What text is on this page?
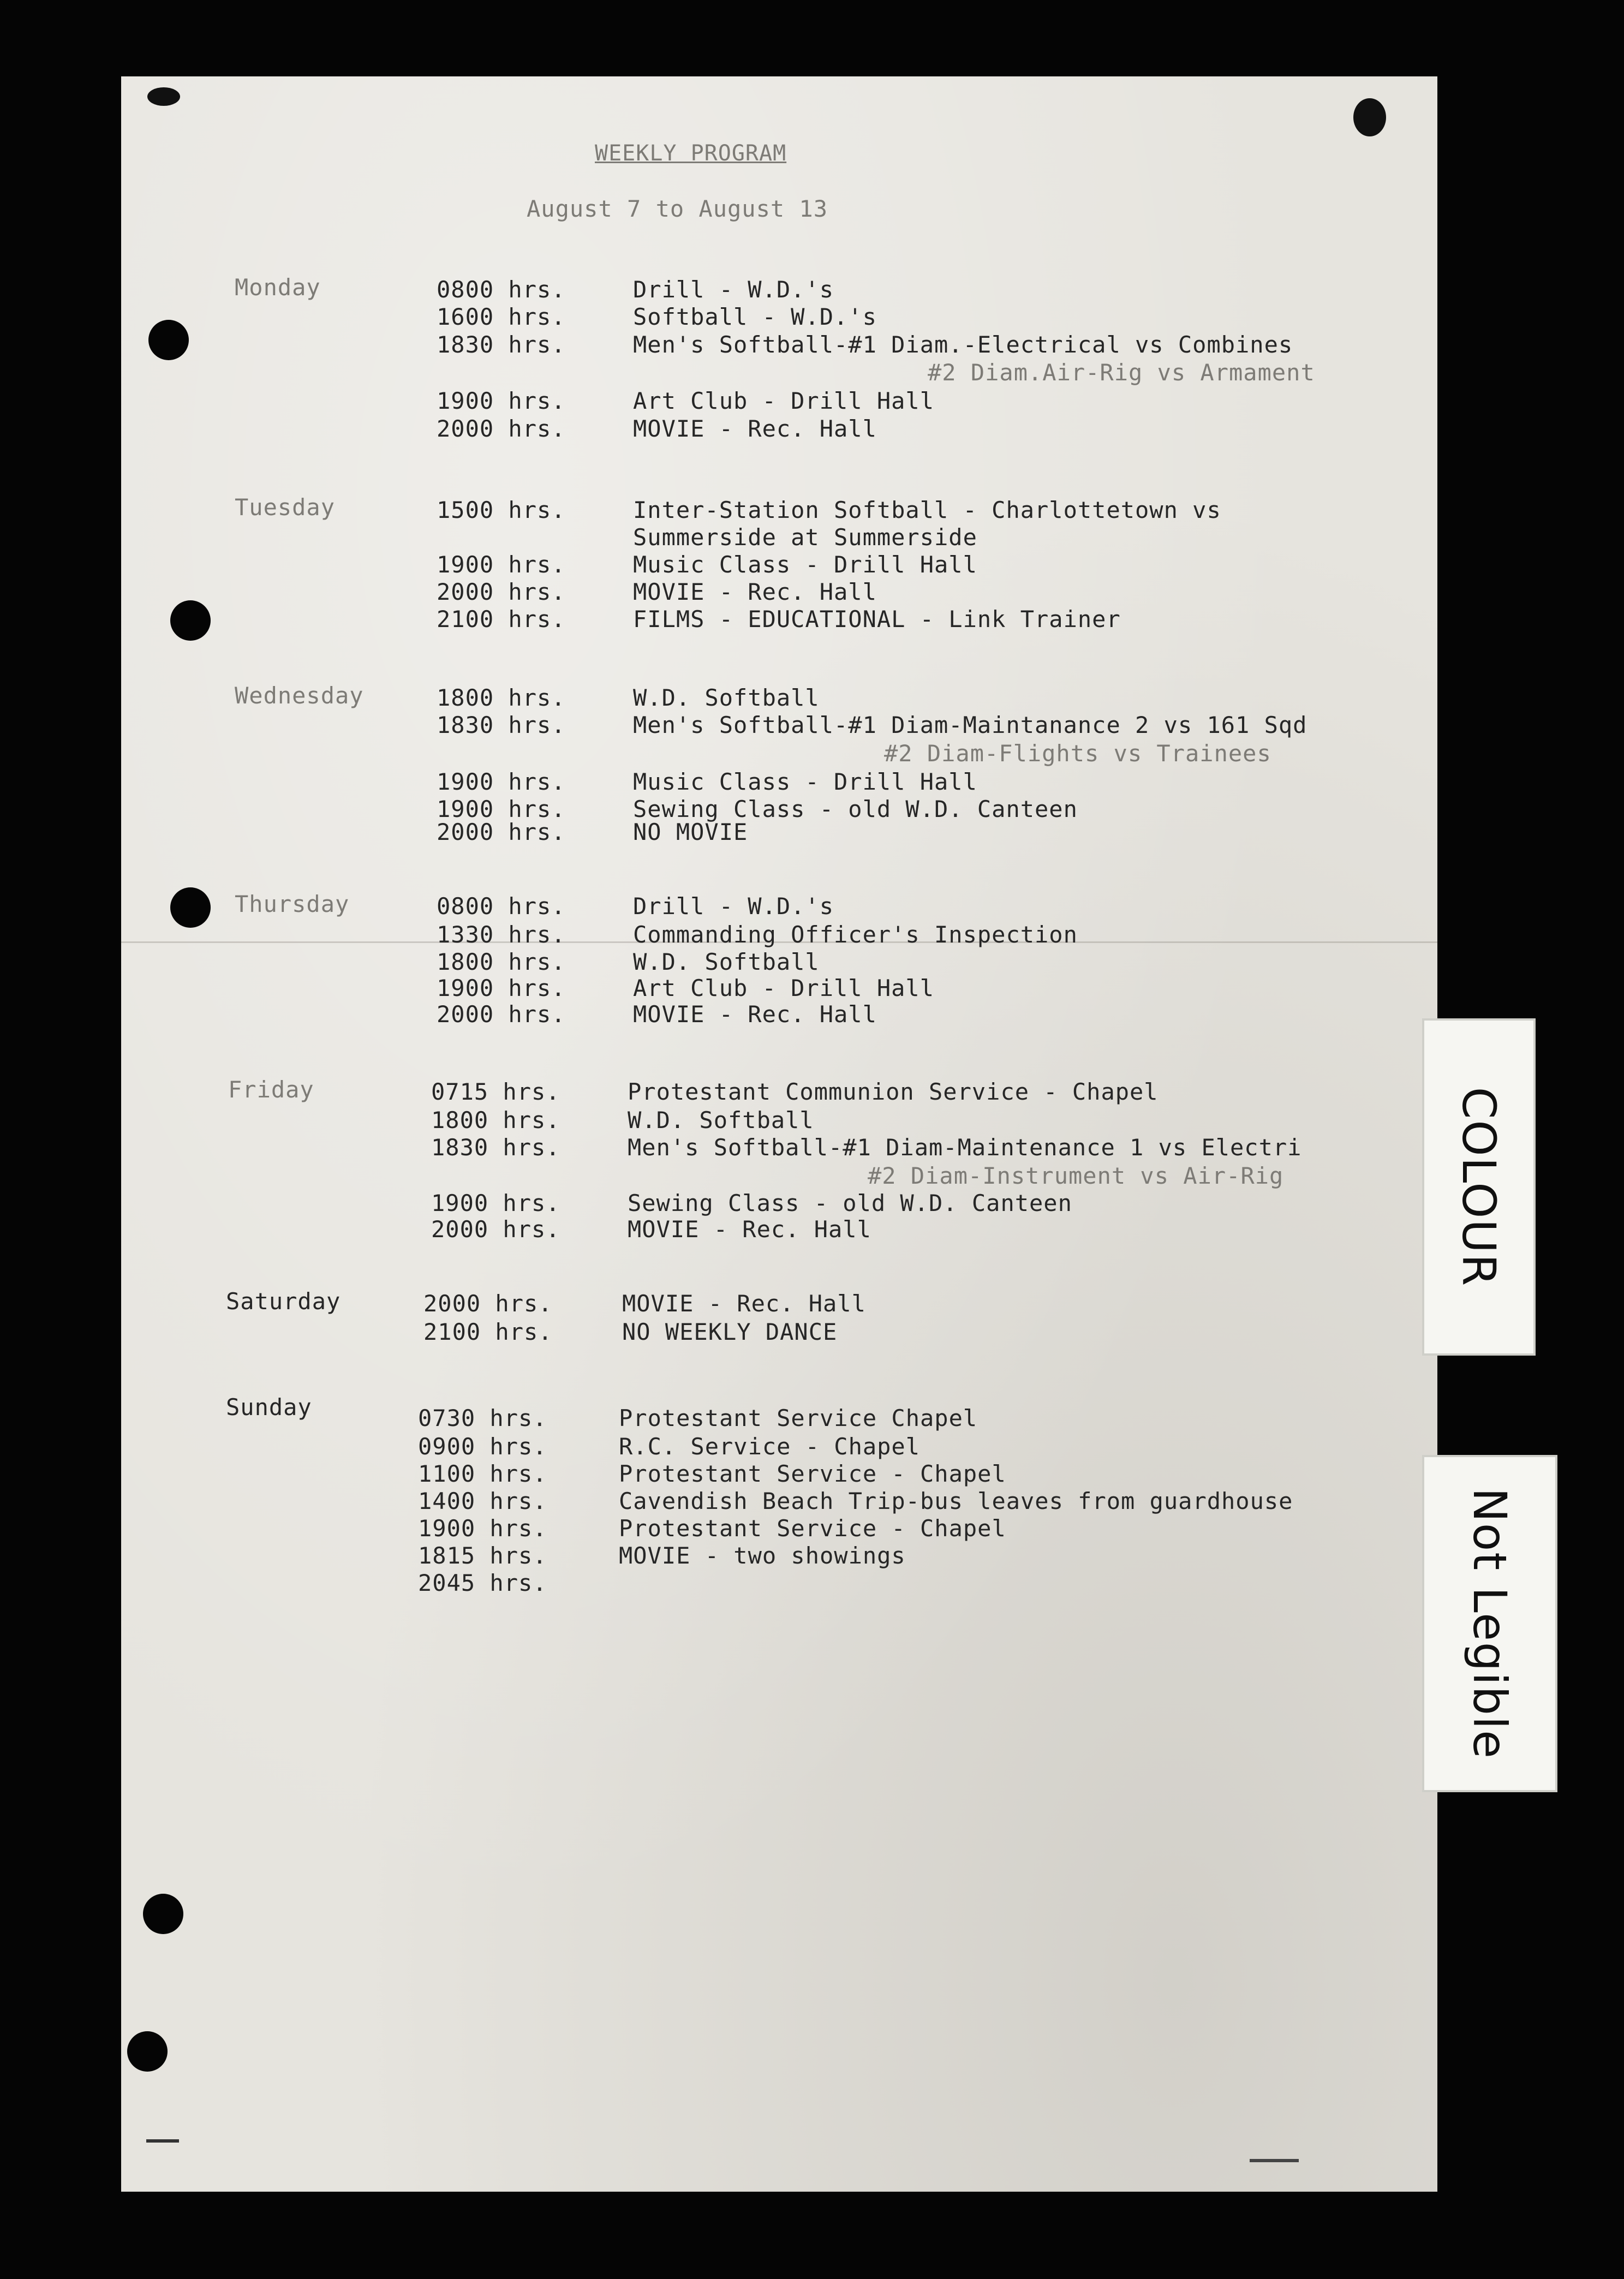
WEEKLY PROGRAM
August 7 to August 13
Monday	0800 hrs.	Drill - W.D.'s
1600 hrs.	Softball - W.D.'s
1830 hrs.	Men's Softball-#1 Diam.-Electrical vs Combines
#2 Diam.Air-Rig vs Armament
1900 hrs.	Art Club - Drill Hall
2000 hrs.	MOVIE - Rec. Hall
Tuesday	1500 hrs.	Inter-Station Softball - Charlottetown vs
Summerside at Summerside
1900 hrs.	Music Class - Drill Hall
2000 hrs.	MOVIE - Rec. Hall
2100 hrs.	FILMS - EDUCATIONAL - Link Trainer
Wednesday	1800 hrs.	W.D. Softball
1830 hrs.	Men's Softball-#1 Diam-Maintanance 2 vs 161 Sqd
#2 Diam-Flights vs Trainees
1900 hrs.	Music Class - Drill Hall
1900 hrs.	Sewing Class - old W.D. Canteen
2000 hrs.	NO MOVIE
Thursday	0800 hrs.	Drill - W.D.'s
1330 hrs.	Commanding Officer's Inspection
1800 hrs.	W.D. Softball
1900 hrs.	Art Club - Drill Hall
2000 hrs.	MOVIE - Rec. Hall
Friday	0715 hrs.	Protestant Communion Service - Chapel
1800 hrs.	W.D. Softball
1830 hrs.	Men's Softball-#1 Diam-Maintenance 1 vs Electri
#2 Diam-Instrument vs Air-Rig
1900 hrs.	Sewing Class - old W.D. Canteen
2000 hrs.	MOVIE - Rec. Hall
Saturday	2000 hrs.	MOVIE - Rec. Hall
2100 hrs.	NO WEEKLY DANCE
Sunday	0730 hrs.	Protestant Service Chapel
0900 hrs.	R.C. Service - Chapel
1100 hrs.	Protestant Service - Chapel
1400 hrs.	Cavendish Beach Trip-bus leaves from guardhouse
1900 hrs.	Protestant Service - Chapel
1815 hrs.	MOVIE - two showings
2045 hrs.
COLOUR
Not Legible
